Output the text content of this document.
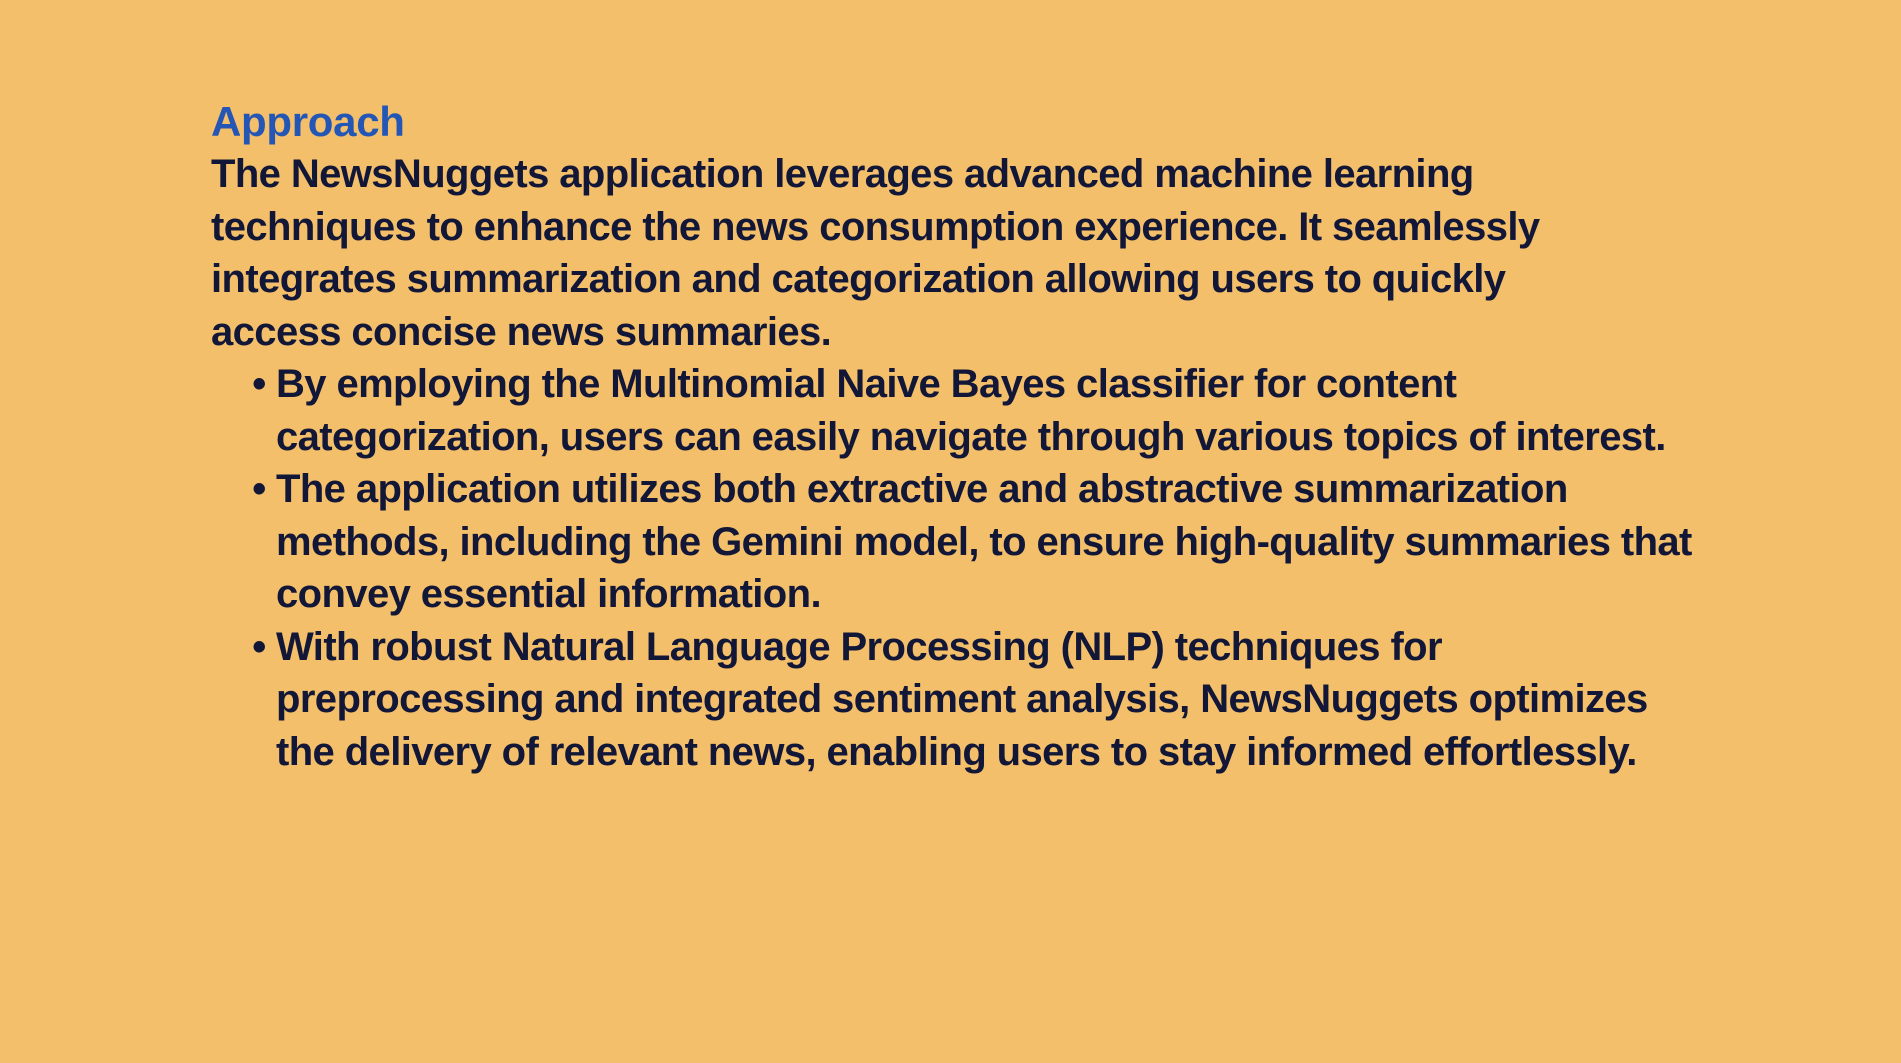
Approach

The NewsNuggets application leverages advanced machine learning techniques to enhance the news consumption experience. It seamlessly integrates summarization and categorization allowing users to quickly access concise news summaries.

• By employing the Multinomial Naive Bayes classifier for content categorization, users can easily navigate through various topics of interest.
• The application utilizes both extractive and abstractive summarization methods, including the Gemini model, to ensure high-quality summaries that convey essential information.
• With robust Natural Language Processing (NLP) techniques for preprocessing and integrated sentiment analysis, NewsNuggets optimizes the delivery of relevant news, enabling users to stay informed effortlessly.
